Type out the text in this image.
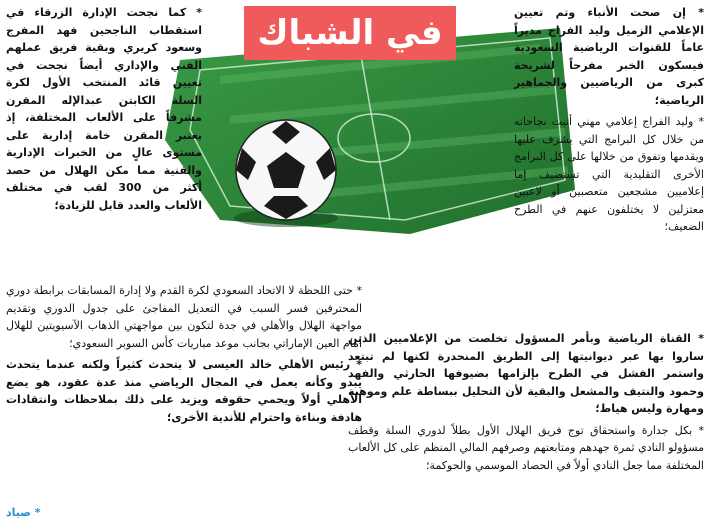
في الشباك

* إن صحت الأنباء وتم تعيين الإعلامي الزميل وليد الفراج مديراً عاماً للقنوات الرياضية السعودية فيسكون الخبر مفرحاً لشريحة كبرى من الرياضيين والجماهير الرياضية؛

* وليد الفراج إعلامي مهني أثبت نجاحاته من خلال كل البرامج التي يشرف عليها ويقدمها وتفوق من خلالها على كل البرامج الأخرى التقليدية التي تستضيف إما إعلاميين مشجعين متعصبين أو لاعبين معتزلين لا يختلفون عنهم في الطرح الضعيف؛

* كما نجحت الإدارة الزرقاء في استقطاب الناجحين فهد المفرج وسعود كريري وبقية فريق عملهم الفني والإداري أيضاً نجحت في تعيين قائد المنتخب الأول لكرة السلة الكابتن عبدالإله المقرن مشرفاً على الألعاب المختلفة، إذ يعتبر المقرن خامة إدارية على مستوى عالٍ من الخبرات الإدارية والفنية مما مكن الهلال من حصد أكثر من 300 لقب في مختلف الألعاب والعدد قابل للزيادة؛

* حتى اللحظة لا الاتحاد السعودي لكرة القدم ولا إدارة المسابقات برابطة دوري المحترفين فسر السبب في التعديل المفاجئ على جدول الدوري وتقديم مواجهة الهلال والأهلي في جدة لتكون بين مواجهتي الذهاب الآسيويتين للهلال أمام العين الإماراتي بجانب موعد مباريات كأس السوبر السعودي؛

* رئيس الأهلي خالد العيسى لا يتحدث كثيراً ولكنه عندما يتحدث يبدو وكأنه يعمل في المجال الرياضي منذ عدة عقود، هو يضع الأهلي أولاً ويحمي حقوقه ويزيد على ذلك بملاحظات وانتقادات هادفة وبناءة واحترام للأندية الأخرى؛

* القناة الرياضية وبأمر المسؤول تخلصت من الإعلاميين الذين ساروا بها عبر ديوانيتها إلى الطريق المنحدرة لكنها لم تبتعد واستمر الفشل في الطرح بإلزامها بضيوفها الحارثي والفهد وحمود والنتيف والمشعل والبقية لأن التحليل ببساطة علم وموهبة ومهارة وليس هياط؛

* بكل جدارة واستحقاق توج فريق الهلال الأول بطلاً لدوري السلة وقطف مسؤولو النادي ثمرة جهدهم ومتابعتهم وصرفهم المالي المنظم على كل الألعاب المختلفة مما جعل النادي أولاً في الحصاد الموسمي والحوكمة؛

* صياد
